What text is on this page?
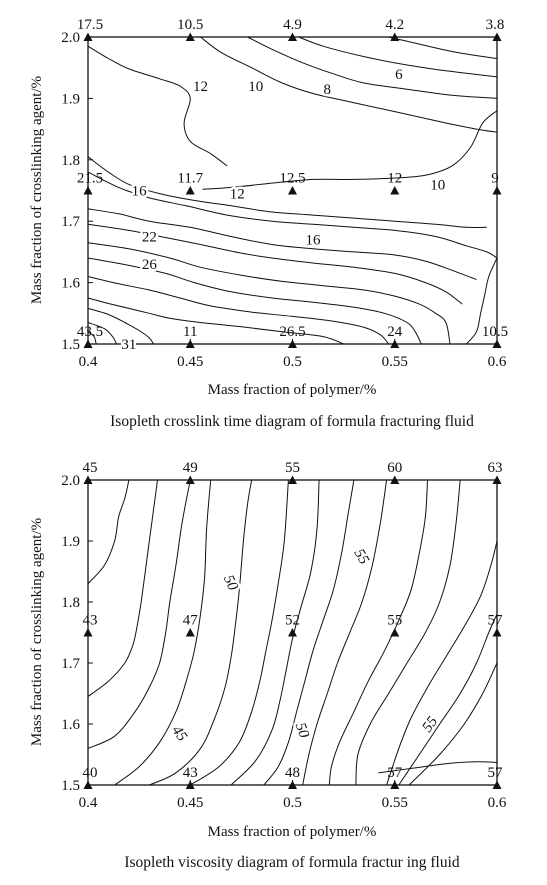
0.4	0.45	0.5	0.55	0.6
1.5
1.6
1.7
1.8
1.9
2.0
17.5	10.5	4.9	4.2	3.8
21.5	11.7	12.5	12	9
43.5	11	26.5	24	10.5
12	10	8
6
12
10
16
22
26
31
16
Mass fraction of polymer/%
Mass fraction of crosslinking agent/%
Isopleth crosslink time diagram of formula fracturing fluid
0.4	0.45	0.5	0.55	0.6
1.5
1.6
1.7
1.8
1.9
2.0
45	49	55	60	63
43	47	52	55	57
40	43	48	57	57
50
55
45	50	55
Mass fraction of polymer/%
Mass fraction of crosslinking agent/%
Isopleth viscosity diagram of formula fractur ing fluid
